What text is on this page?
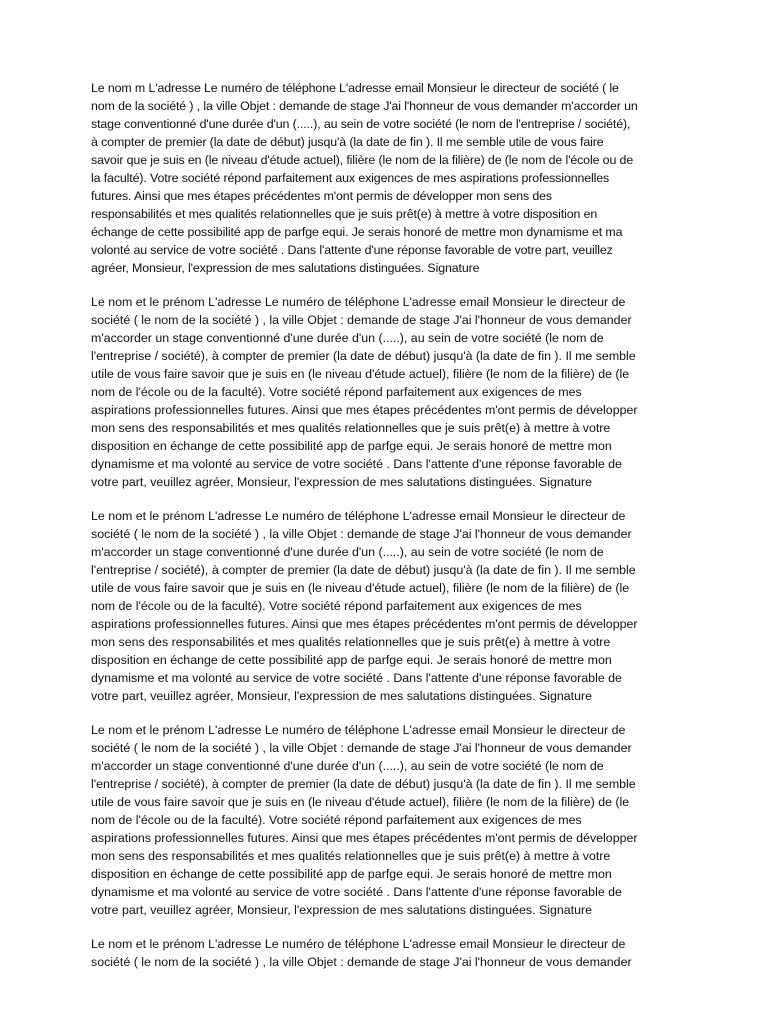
Le nom m L'adresse Le numéro de téléphone L'adresse email Monsieur le directeur de société ( le
nom de la société ) , la ville Objet : demande de stage J'ai l'honneur de vous demander m'accorder un
stage conventionné d'une durée d'un (.....), au sein de votre société (le nom de l'entreprise / société),
à compter de premier (la date de début) jusqu'à (la date de fin ). Il me semble utile de vous faire
savoir que je suis en (le niveau d'étude actuel), filière (le nom de la filière) de (le nom de l'école ou de
la faculté). Votre société répond parfaitement aux exigences de mes aspirations professionnelles
futures. Ainsi que mes étapes précédentes m'ont permis de développer mon sens des
responsabilités et mes qualités relationnelles que je suis prêt(e) à mettre à votre disposition en
échange de cette possibilité app de parfge equi. Je serais honoré de mettre mon dynamisme et ma
volonté au service de votre société . Dans l'attente d'une réponse favorable de votre part, veuillez
agréer, Monsieur, l'expression de mes salutations distinguées. Signature

Le nom et le prénom L'adresse Le numéro de téléphone L'adresse email Monsieur le directeur de
société ( le nom de la société ) , la ville Objet : demande de stage J'ai l'honneur de vous demander
m'accorder un stage conventionné d'une durée d'un (.....), au sein de votre société (le nom de
l'entreprise / société), à compter de premier (la date de début) jusqu'à (la date de fin ). Il me semble
utile de vous faire savoir que je suis en (le niveau d'étude actuel), filière (le nom de la filière) de (le
nom de l'école ou de la faculté). Votre société répond parfaitement aux exigences de mes
aspirations professionnelles futures. Ainsi que mes étapes précédentes m'ont permis de développer
mon sens des responsabilités et mes qualités relationnelles que je suis prêt(e) à mettre à votre
disposition en échange de cette possibilité app de parfge equi. Je serais honoré de mettre mon
dynamisme et ma volonté au service de votre société . Dans l'attente d'une réponse favorable de
votre part, veuillez agréer, Monsieur, l'expression de mes salutations distinguées. Signature

Le nom et le prénom L'adresse Le numéro de téléphone L'adresse email Monsieur le directeur de
société ( le nom de la société ) , la ville Objet : demande de stage J'ai l'honneur de vous demander
m'accorder un stage conventionné d'une durée d'un (.....), au sein de votre société (le nom de
l'entreprise / société), à compter de premier (la date de début) jusqu'à (la date de fin ). Il me semble
utile de vous faire savoir que je suis en (le niveau d'étude actuel), filière (le nom de la filière) de (le
nom de l'école ou de la faculté). Votre société répond parfaitement aux exigences de mes
aspirations professionnelles futures. Ainsi que mes étapes précédentes m'ont permis de développer
mon sens des responsabilités et mes qualités relationnelles que je suis prêt(e) à mettre à votre
disposition en échange de cette possibilité app de parfge equi. Je serais honoré de mettre mon
dynamisme et ma volonté au service de votre société . Dans l'attente d'une réponse favorable de
votre part, veuillez agréer, Monsieur, l'expression de mes salutations distinguées. Signature

Le nom et le prénom L'adresse Le numéro de téléphone L'adresse email Monsieur le directeur de
société ( le nom de la société ) , la ville Objet : demande de stage J'ai l'honneur de vous demander
m'accorder un stage conventionné d'une durée d'un (.....), au sein de votre société (le nom de
l'entreprise / société), à compter de premier (la date de début) jusqu'à (la date de fin ). Il me semble
utile de vous faire savoir que je suis en (le niveau d'étude actuel), filière (le nom de la filière) de (le
nom de l'école ou de la faculté). Votre société répond parfaitement aux exigences de mes
aspirations professionnelles futures. Ainsi que mes étapes précédentes m'ont permis de développer
mon sens des responsabilités et mes qualités relationnelles que je suis prêt(e) à mettre à votre
disposition en échange de cette possibilité app de parfge equi. Je serais honoré de mettre mon
dynamisme et ma volonté au service de votre société . Dans l'attente d'une réponse favorable de
votre part, veuillez agréer, Monsieur, l'expression de mes salutations distinguées. Signature

Le nom et le prénom L'adresse Le numéro de téléphone L'adresse email Monsieur le directeur de
société ( le nom de la société ) , la ville Objet : demande de stage J'ai l'honneur de vous demander
